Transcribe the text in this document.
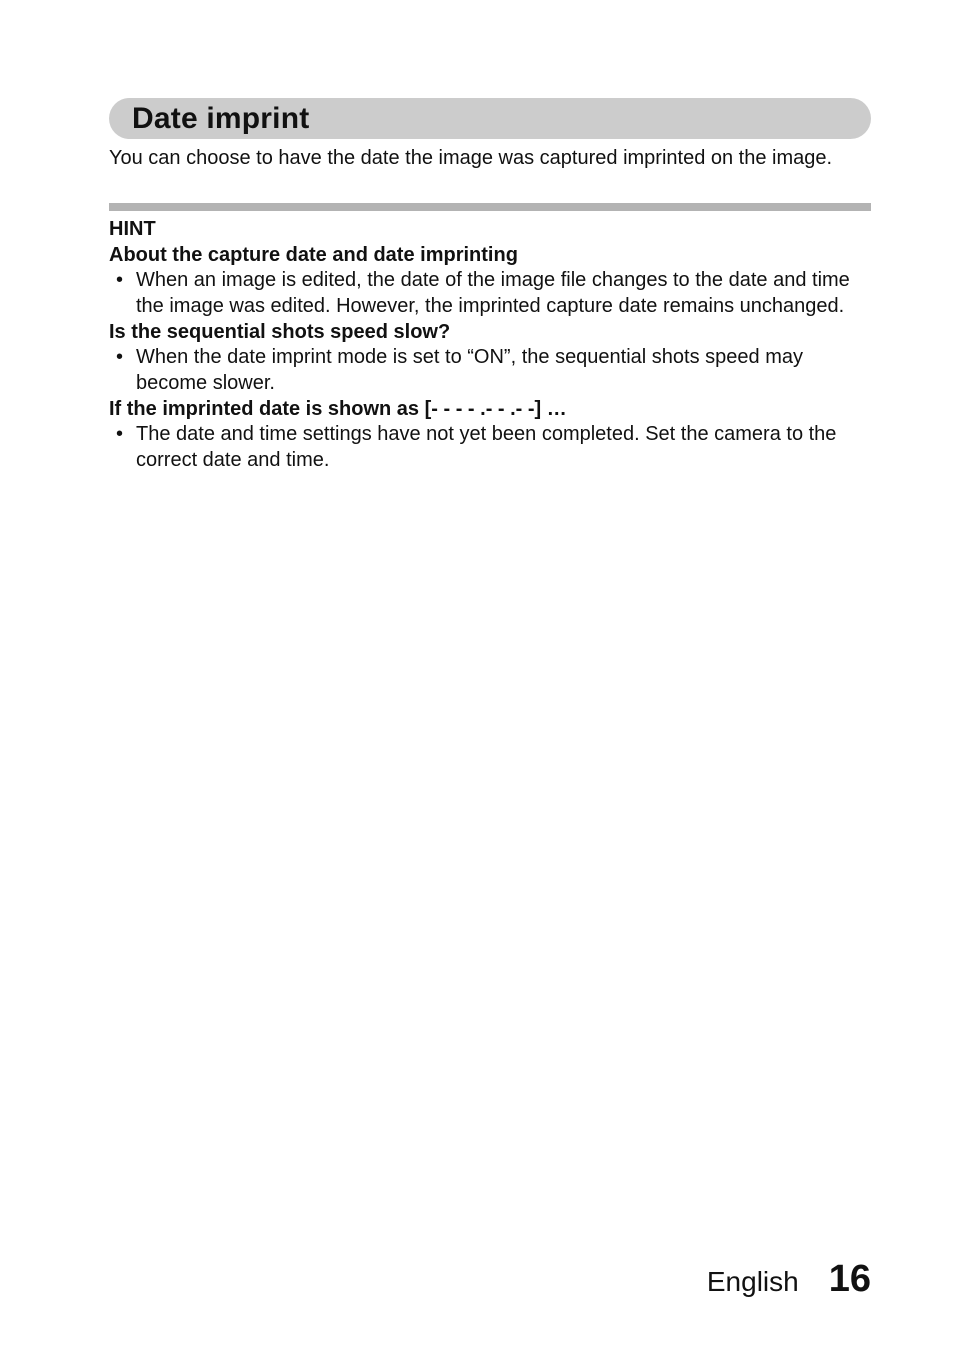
Date imprint

You can choose to have the date the image was captured imprinted on the image.

HINT

About the capture date and date imprinting

• When an image is edited, the date of the image file changes to the date and time the image was edited. However, the imprinted capture date remains unchanged.

Is the sequential shots speed slow?

• When the date imprint mode is set to “ON”, the sequential shots speed may become slower.

If the imprinted date is shown as [- - - - .- - .- -] …

• The date and time settings have not yet been completed. Set the camera to the correct date and time.
English 16
